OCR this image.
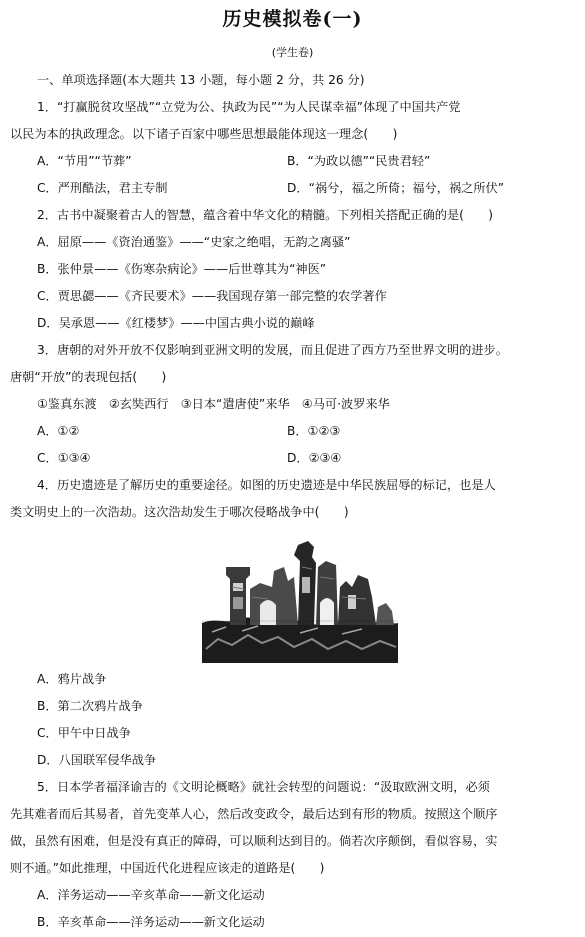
历史模拟卷(一)
(学生卷)
一、单项选择题(本大题共 13 小题，每小题 2 分，共 26 分)
1．“打赢脱贫攻坚战”“立党为公、执政为民”“为人民谋幸福”体现了中国共产党
以民为本的执政理念。以下诸子百家中哪些思想最能体现这一理念(　　)
A．“节用”“节葬”	B．“为政以德”“民贵君轻”
C．严刑酷法，君主专制	D．“祸兮，福之所倚；福兮，祸之所伏”
2．古书中凝聚着古人的智慧，蕴含着中华文化的精髓。下列相关搭配正确的是(　　)
A．屈原——《资治通鉴》——“史家之绝唱，无韵之离骚”
B．张仲景——《伤寒杂病论》——后世尊其为“神医”
C．贾思勰——《齐民要术》——我国现存第一部完整的农学著作
D．吴承恩——《红楼梦》——中国古典小说的巅峰
3．唐朝的对外开放不仅影响到亚洲文明的发展，而且促进了西方乃至世界文明的进步。
唐朝“开放”的表现包括(　　)
①鉴真东渡　②玄奘西行　③日本“遣唐使”来华　④马可·波罗来华
A．①②	B．①②③
C．①③④	D．②③④
4．历史遗迹是了解历史的重要途径。如图的历史遗迹是中华民族屈辱的标记，也是人
类文明史上的一次浩劫。这次浩劫发生于哪次侵略战争中(　　)
A．鸦片战争
B．第二次鸦片战争
C．甲午中日战争
D．八国联军侵华战争
5．日本学者福泽谕吉的《文明论概略》就社会转型的问题说：“汲取欧洲文明，必须
先其难者而后其易者，首先变革人心，然后改变政令，最后达到有形的物质。按照这个顺序
做，虽然有困难，但是没有真正的障碍，可以顺利达到目的。倘若次序颠倒，看似容易，实
则不通。”如此推理，中国近代化进程应该走的道路是(　　)
A．洋务运动——辛亥革命——新文化运动
B．辛亥革命——洋务运动——新文化运动
